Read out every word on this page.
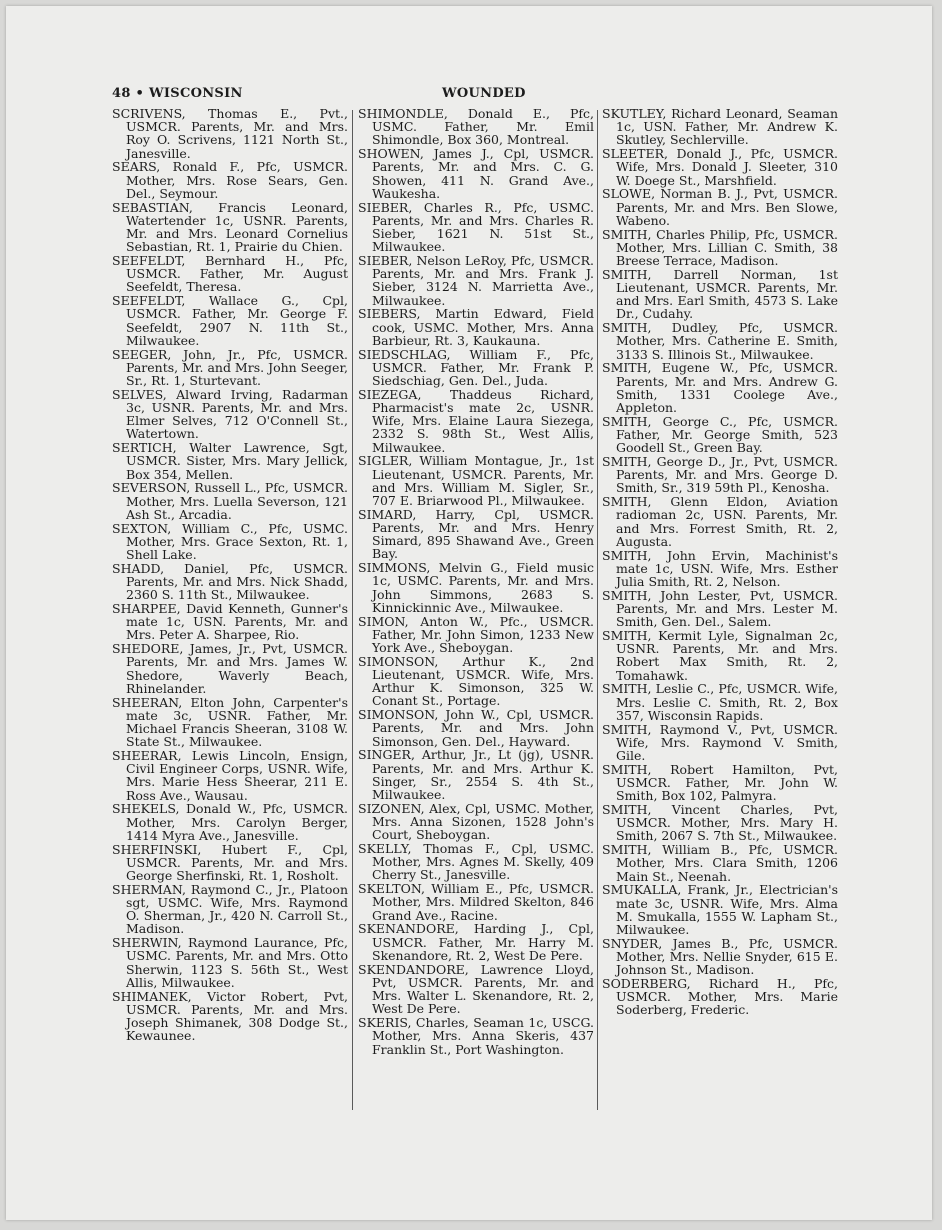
48 • WISCONSIN	WOUNDED
SCRIVENS, Thomas E., Pvt., USMCR. Parents, Mr. and Mrs. Roy O. Scrivens, 1121 North St., Janesville.
SEARS, Ronald F., Pfc, USMCR. Mother, Mrs. Rose Sears, Gen. Del., Seymour.
SEBASTIAN, Francis Leonard, Watertender 1c, USNR. Parents, Mr. and Mrs. Leonard Cornelius Sebastian, Rt. 1, Prairie du Chien.
SEEFELDT, Bernhard H., Pfc, USMCR. Father, Mr. August Seefeldt, Theresa.
SEEFELDT, Wallace G., Cpl, USMCR. Father, Mr. George F. Seefeldt, 2907 N. 11th St., Milwaukee.
SEEGER, John, Jr., Pfc, USMCR. Parents, Mr. and Mrs. John Seeger, Sr., Rt. 1, Sturtevant.
SELVES, Alward Irving, Radarman 3c, USNR. Parents, Mr. and Mrs. Elmer Selves, 712 O'Connell St., Watertown.
SERTICH, Walter Lawrence, Sgt, USMCR. Sister, Mrs. Mary Jellick, Box 354, Mellen.
SEVERSON, Russell L., Pfc, USMCR. Mother, Mrs. Luella Severson, 121 Ash St., Arcadia.
SEXTON, William C., Pfc, USMC. Mother, Mrs. Grace Sexton, Rt. 1, Shell Lake.
SHADD, Daniel, Pfc, USMCR. Parents, Mr. and Mrs. Nick Shadd, 2360 S. 11th St., Milwaukee.
SHARPEE, David Kenneth, Gunner's mate 1c, USN. Parents, Mr. and Mrs. Peter A. Sharpee, Rio.
SHEDORE, James, Jr., Pvt, USMCR. Parents, Mr. and Mrs. James W. Shedore, Waverly Beach, Rhinelander.
SHEERAN, Elton John, Carpenter's mate 3c, USNR. Father, Mr. Michael Francis Sheeran, 3108 W. State St., Milwaukee.
SHEERAR, Lewis Lincoln, Ensign, Civil Engineer Corps, USNR. Wife, Mrs. Marie Hess Sheerar, 211 E. Ross Ave., Wausau.
SHEKELS, Donald W., Pfc, USMCR. Mother, Mrs. Carolyn Berger, 1414 Myra Ave., Janesville.
SHERFINSKI, Hubert F., Cpl, USMCR. Parents, Mr. and Mrs. George Sherfinski, Rt. 1, Rosholt.
SHERMAN, Raymond C., Jr., Platoon sgt, USMC. Wife, Mrs. Raymond O. Sherman, Jr., 420 N. Carroll St., Madison.
SHERWIN, Raymond Laurance, Pfc, USMC. Parents, Mr. and Mrs. Otto Sherwin, 1123 S. 56th St., West Allis, Milwaukee.
SHIMANEK, Victor Robert, Pvt, USMCR. Parents, Mr. and Mrs. Joseph Shimanek, 308 Dodge St., Kewaunee.
SHIMONDLE, Donald E., Pfc, USMC. Father, Mr. Emil Shimondle, Box 360, Montreal.
SHOWEN, James J., Cpl, USMCR. Parents, Mr. and Mrs. C. G. Showen, 411 N. Grand Ave., Waukesha.
SIEBER, Charles R., Pfc, USMC. Parents, Mr. and Mrs. Charles R. Sieber, 1621 N. 51st St., Milwaukee.
SIEBER, Nelson LeRoy, Pfc, USMCR. Parents, Mr. and Mrs. Frank J. Sieber, 3124 N. Marrietta Ave., Milwaukee.
SIEBERS, Martin Edward, Field cook, USMC. Mother, Mrs. Anna Barbieur, Rt. 3, Kaukauna.
SIEDSCHLAG, William F., Pfc, USMCR. Father, Mr. Frank P. Siedschiag, Gen. Del., Juda.
SIEZEGA, Thaddeus Richard, Pharmacist's mate 2c, USNR. Wife, Mrs. Elaine Laura Siezega, 2332 S. 98th St., West Allis, Milwaukee.
SIGLER, William Montague, Jr., 1st Lieutenant, USMCR. Parents, Mr. and Mrs. William M. Sigler, Sr., 707 E. Briarwood Pl., Milwaukee.
SIMARD, Harry, Cpl, USMCR. Parents, Mr. and Mrs. Henry Simard, 895 Shawand Ave., Green Bay.
SIMMONS, Melvin G., Field music 1c, USMC. Parents, Mr. and Mrs. John Simmons, 2683 S. Kinnickinnic Ave., Milwaukee.
SIMON, Anton W., Pfc., USMCR. Father, Mr. John Simon, 1233 New York Ave., Sheboygan.
SIMONSON, Arthur K., 2nd Lieutenant, USMCR. Wife, Mrs. Arthur K. Simonson, 325 W. Conant St., Portage.
SIMONSON, John W., Cpl, USMCR. Parents, Mr. and Mrs. John Simonson, Gen. Del., Hayward.
SINGER, Arthur, Jr., Lt (jg), USNR. Parents, Mr. and Mrs. Arthur K. Singer, Sr., 2554 S. 4th St., Milwaukee.
SIZONEN, Alex, Cpl, USMC. Mother, Mrs. Anna Sizonen, 1528 John's Court, Sheboygan.
SKELLY, Thomas F., Cpl, USMC. Mother, Mrs. Agnes M. Skelly, 409 Cherry St., Janesville.
SKELTON, William E., Pfc, USMCR. Mother, Mrs. Mildred Skelton, 846 Grand Ave., Racine.
SKENANDORE, Harding J., Cpl, USMCR. Father, Mr. Harry M. Skenandore, Rt. 2, West De Pere.
SKENDANDORE, Lawrence Lloyd, Pvt, USMCR. Parents, Mr. and Mrs. Walter L. Skenandore, Rt. 2, West De Pere.
SKERIS, Charles, Seaman 1c, USCG. Mother, Mrs. Anna Skeris, 437 Franklin St., Port Washington.
SKUTLEY, Richard Leonard, Seaman 1c, USN. Father, Mr. Andrew K. Skutley, Sechlerville.
SLEETER, Donald J., Pfc, USMCR. Wife, Mrs. Donald J. Sleeter, 310 W. Doege St., Marshfield.
SLOWE, Norman B. J., Pvt, USMCR. Parents, Mr. and Mrs. Ben Slowe, Wabeno.
SMITH, Charles Philip, Pfc, USMCR. Mother, Mrs. Lillian C. Smith, 38 Breese Terrace, Madison.
SMITH, Darrell Norman, 1st Lieutenant, USMCR. Parents, Mr. and Mrs. Earl Smith, 4573 S. Lake Dr., Cudahy.
SMITH, Dudley, Pfc, USMCR. Mother, Mrs. Catherine E. Smith, 3133 S. Illinois St., Milwaukee.
SMITH, Eugene W., Pfc, USMCR. Parents, Mr. and Mrs. Andrew G. Smith, 1331 Coolege Ave., Appleton.
SMITH, George C., Pfc, USMCR. Father, Mr. George Smith, 523 Goodell St., Green Bay.
SMITH, George D., Jr., Pvt, USMCR. Parents, Mr. and Mrs. George D. Smith, Sr., 319 59th Pl., Kenosha.
SMITH, Glenn Eldon, Aviation radioman 2c, USN. Parents, Mr. and Mrs. Forrest Smith, Rt. 2, Augusta.
SMITH, John Ervin, Machinist's mate 1c, USN. Wife, Mrs. Esther Julia Smith, Rt. 2, Nelson.
SMITH, John Lester, Pvt, USMCR. Parents, Mr. and Mrs. Lester M. Smith, Gen. Del., Salem.
SMITH, Kermit Lyle, Signalman 2c, USNR. Parents, Mr. and Mrs. Robert Max Smith, Rt. 2, Tomahawk.
SMITH, Leslie C., Pfc, USMCR. Wife, Mrs. Leslie C. Smith, Rt. 2, Box 357, Wisconsin Rapids.
SMITH, Raymond V., Pvt, USMCR. Wife, Mrs. Raymond V. Smith, Gile.
SMITH, Robert Hamilton, Pvt, USMCR. Father, Mr. John W. Smith, Box 102, Palmyra.
SMITH, Vincent Charles, Pvt, USMCR. Mother, Mrs. Mary H. Smith, 2067 S. 7th St., Milwaukee.
SMITH, William B., Pfc, USMCR. Mother, Mrs. Clara Smith, 1206 Main St., Neenah.
SMUKALLA, Frank, Jr., Electrician's mate 3c, USNR. Wife, Mrs. Alma M. Smukalla, 1555 W. Lapham St., Milwaukee.
SNYDER, James B., Pfc, USMCR. Mother, Mrs. Nellie Snyder, 615 E. Johnson St., Madison.
SODERBERG, Richard H., Pfc, USMCR. Mother, Mrs. Marie Soderberg, Frederic.
